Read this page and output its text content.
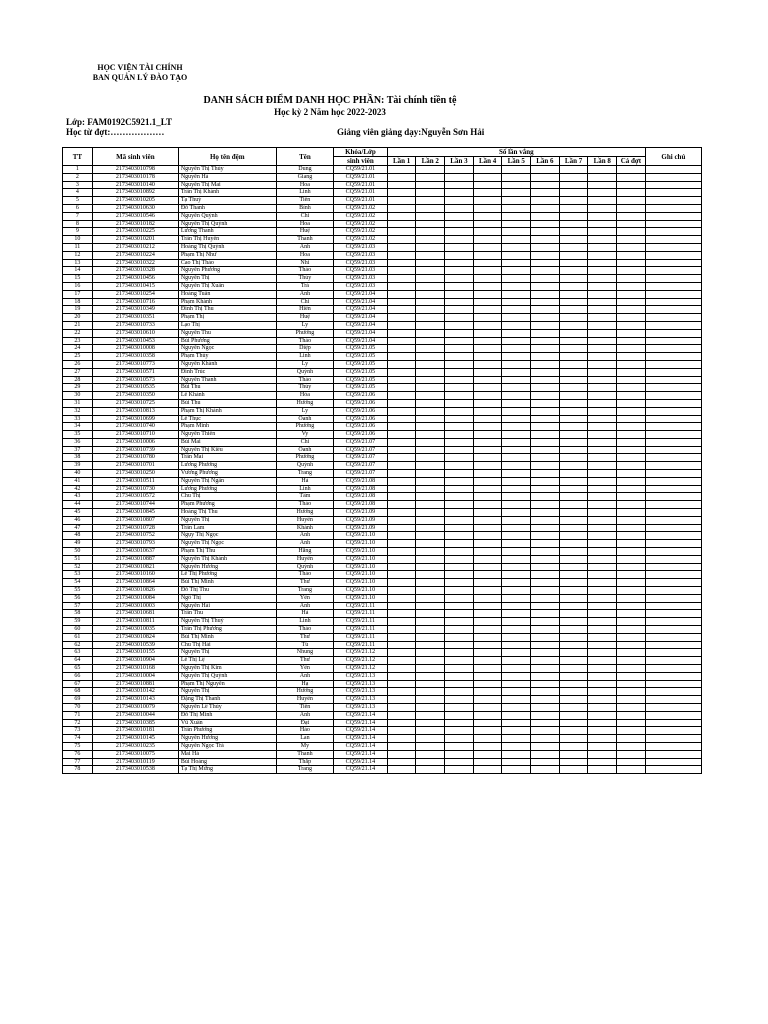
HỌC VIỆN TÀI CHÍNH
BAN QUẢN LÝ ĐÀO TẠO
DANH SÁCH ĐIỂM DANH HỌC PHẦN: Tài chính tiền tệ
Học kỳ 2 Năm học 2022-2023
Lớp: FAM0192C5921.1_LT
Học từ đợt:………………	Giảng viên giảng dạy:Nguyễn Sơn Hải
TT	Mã sinh viên	Họ tên đệm	Tên	Khóa/Lớp	Số lần vắng									Ghi chú
				sinh viên	Lần 1	Lần 2	Lần 3	Lần 4	Lần 5	Lần 6	Lần 7	Lần 8	Cả đợt	
1	2173403010798	Nguyễn Thị Thùy	Dung	CQ59/21.01										
2	2173403010178	Nguyễn Hà	Giang	CQ59/21.01										
3	2173403010140	Nguyễn Thị Mai	Hoa	CQ59/21.01										
4	2173403010892	Trần Thị Khánh	Linh	CQ59/21.01										
5	2173403010205	Tạ Thuý	Tiên	CQ59/21.01										
6	2173403010630	Đỗ Thanh	Bình	CQ59/21.02										
7	2173403010546	Nguyễn Quỳnh	Chi	CQ59/21.02										
8	2173403010182	Nguyễn Thị Quỳnh	Hoa	CQ59/21.02										
9	2173403010225	Lương Thanh	Huệ	CQ59/21.02										
10	2173403010201	Trần Thị Huyền	Thanh	CQ59/21.02										
11	2173403010212	Hoàng Thị Quỳnh	Anh	CQ59/21.03										
12	2173403010224	Phạm Thị Như	Hoa	CQ59/21.03										
13	2173403010322	Cao Thị Thảo	Nhi	CQ59/21.03										
14	2173403010328	Nguyễn Phương	Thảo	CQ59/21.03										
15	2173403010456	Nguyễn Thị	Thủy	CQ59/21.03										
16	2173403010415	Nguyễn Thị Xuân	Trà	CQ59/21.03										
17	2173403010254	Hoàng Tuấn	Anh	CQ59/21.04										
18	2173403010716	Phạm Khánh	Chi	CQ59/21.04										
19	2173403010349	Đinh Thị Thu	Hiền	CQ59/21.04										
20	2173403010351	Phạm Thị	Huệ	CQ59/21.04										
21	2173403010733	Lạo Thị	Ly	CQ59/21.04										
22	2173403010610	Nguyễn Thu	Phương	CQ59/21.04										
23	2173403010453	Bùi Phương	Thảo	CQ59/21.04										
24	2173403010008	Nguyễn Ngọc	Diệp	CQ59/21.05										
25	2173403010358	Phạm Thùy	Linh	CQ59/21.05										
26	2173403010773	Nguyễn Khánh	Ly	CQ59/21.05										
27	2173403010571	Đinh Trúc	Quỳnh	CQ59/21.05										
28	2173403010573	Nguyễn Thanh	Thảo	CQ59/21.05										
29	2173403010535	Bùi Thu	Thủy	CQ59/21.05										
30	2173403010350	Lê Khánh	Hòa	CQ59/21.06										
31	2173403010725	Bùi Thu	Hương	CQ59/21.06										
32	2173403010813	Phạm Thị Khánh	Ly	CQ59/21.06										
33	2173403010699	Lê Thục	Oanh	CQ59/21.06										
34	2173403010740	Phạm Minh	Phương	CQ59/21.06										
35	2173403010710	Nguyễn Thiên	Vy	CQ59/21.06										
36	2173403010006	Bùi Mai	Chi	CQ59/21.07										
37	2173403010739	Nguyễn Thị Kiều	Oanh	CQ59/21.07										
38	2173403010780	Trần Mai	Phương	CQ59/21.07										
39	2173403010701	Lương Phương	Quỳnh	CQ59/21.07										
40	2173403010250	Vương Phương	Trang	CQ59/21.07										
41	2173403010511	Nguyễn Thị Ngân	Hà	CQ59/21.08										
42	2173403010730	Lương Phương	Linh	CQ59/21.08										
43	2173403010572	Chu Thị	Tâm	CQ59/21.08										
44	2173403010744	Phạm Phương	Thảo	CQ59/21.08										
45	2173403010845	Hoàng Thị Thu	Hương	CQ59/21.09										
46	2173403010807	Nguyễn Thị	Huyền	CQ59/21.09										
47	2173403010728	Trần Lam	Khánh	CQ59/21.09										
48	2173403010752	Ngụy Thị Ngọc	Anh	CQ59/21.10										
49	2173403010793	Nguyễn Thị Ngọc	Anh	CQ59/21.10										
50	2173403010637	Phạm Thị Thu	Hằng	CQ59/21.10										
51	2173403010887	Nguyễn Thị Khánh	Huyền	CQ59/21.10										
52	2173403010821	Nguyễn Hương	Quỳnh	CQ59/21.10										
53	2173403010160	Lê Thị Phương	Thảo	CQ59/21.10										
54	2173403010864	Bùi Thị Minh	Thư	CQ59/21.10										
55	2173403010826	Đỗ Thị Thu	Trang	CQ59/21.10										
56	2173403010084	Ngô Thị	Yến	CQ59/21.10										
57	2173403010003	Nguyễn Hải	Anh	CQ59/21.11										
58	2173403010681	Trần Thu	Hà	CQ59/21.11										
59	2173403010811	Nguyễn Thị Thuỳ	Linh	CQ59/21.11										
60	2173403010035	Trần Thị Phương	Thảo	CQ59/21.11										
61	2173403010824	Bùi Thị Minh	Thư	CQ59/21.11										
62	2173403010539	Chu Thị Hải	Tú	CQ59/21.11										
63	2173403010155	Nguyễn Thị	Nhung	CQ59/21.12										
64	2173403010904	Lê Thị Lệ	Thư	CQ59/21.12										
65	2173403010168	Nguyễn Thị Kim	Yến	CQ59/21.12										
66	2173403010004	Nguyễn Thị Quỳnh	Anh	CQ59/21.13										
67	2173403010881	Phạm Thị Nguyễn	Hạ	CQ59/21.13										
68	2173403010142	Nguyễn Thị	Hương	CQ59/21.13										
69	2173403010143	Đặng Thị Thanh	Huyền	CQ59/21.13										
70	2173403010079	Nguyễn Lê Thùy	Tiên	CQ59/21.13										
71	2173403010044	Đỗ Thị Minh	Anh	CQ59/21.14										
72	2173403010385	Vũ Xuân	Đạt	CQ59/21.14										
73	2173403010181	Trần Phương	Hảo	CQ59/21.14										
74	2173403010145	Nguyễn Hương	Lan	CQ59/21.14										
75	2173403010235	Nguyễn Ngọc Trà	My	CQ59/21.14										
76	2173403010075	Mai Hà	Thanh	CQ59/21.14										
77	2173403010119	Bùi Hoàng	Thắp	CQ59/21.14										
78	2173403010538	Tạ Thị Mừng	Trang	CQ59/21.14										
